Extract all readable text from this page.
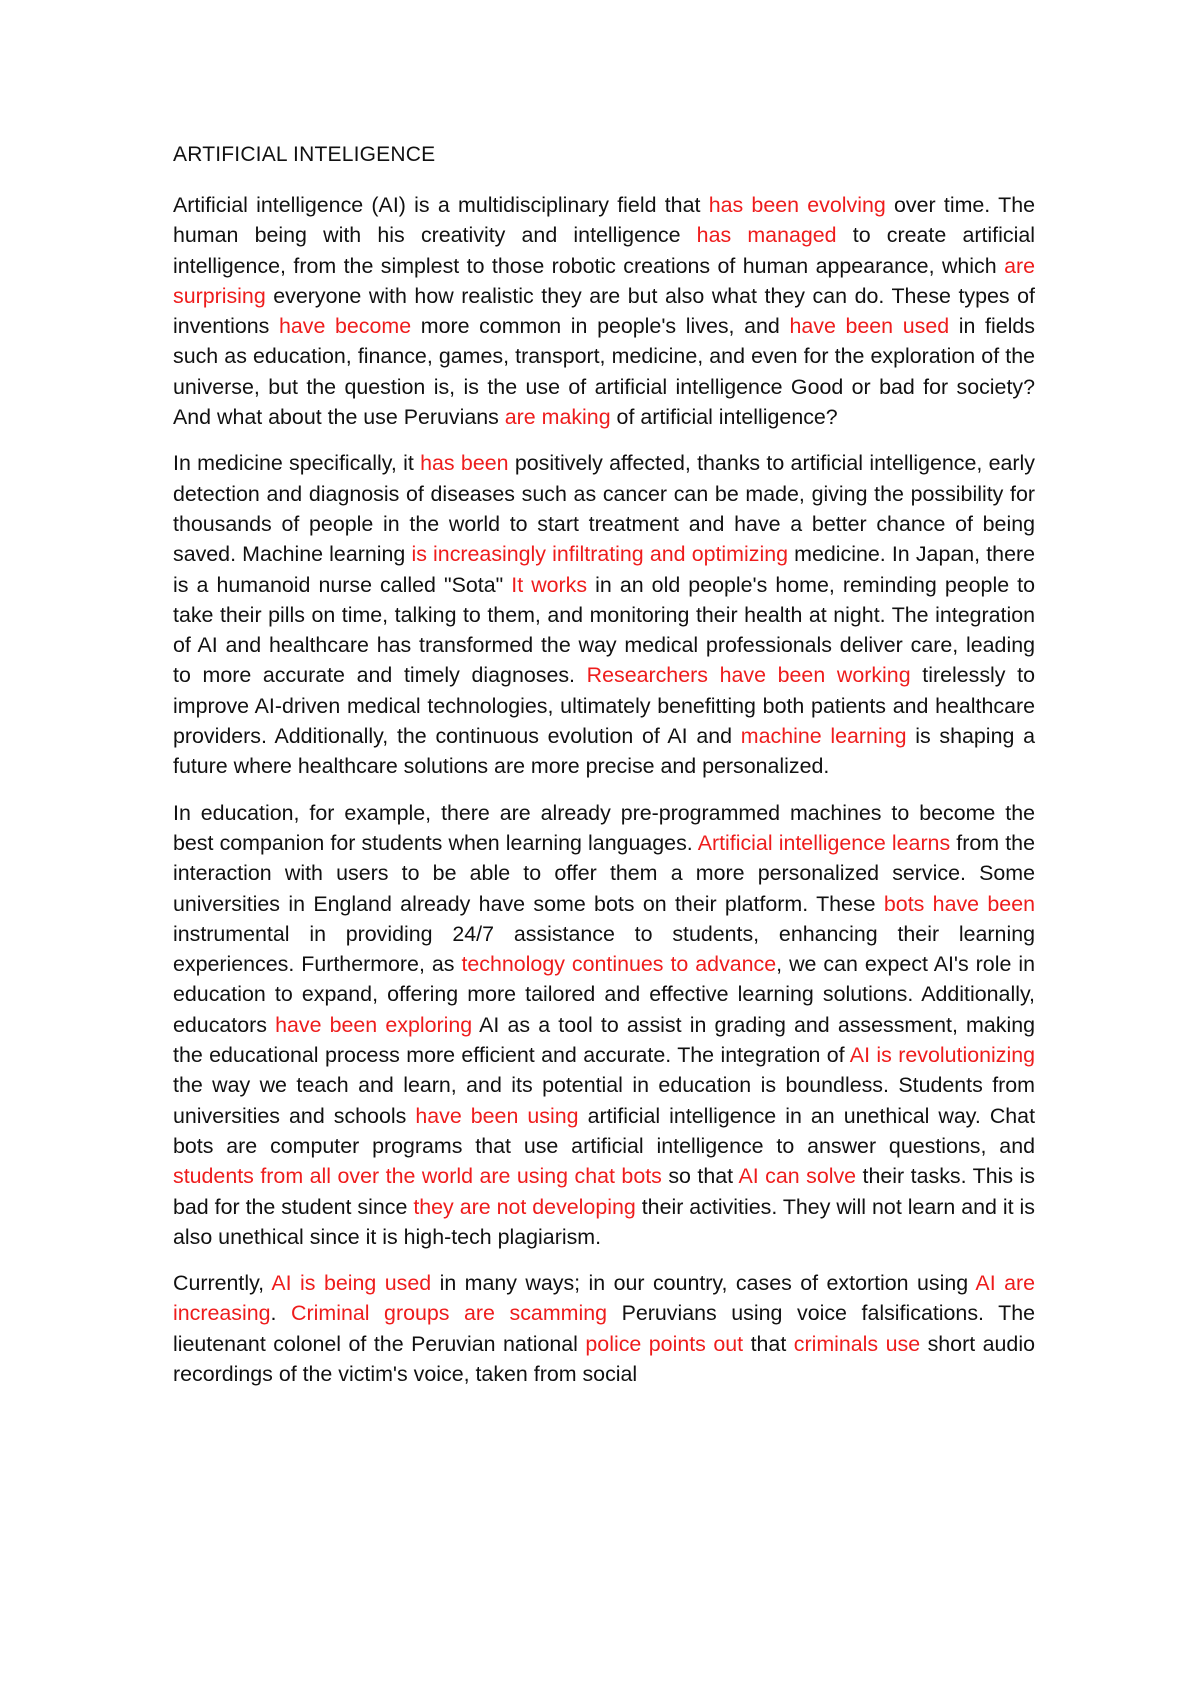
ARTIFICIAL INTELIGENCE

Artificial intelligence (AI) is a multidisciplinary field that has been evolving over time. The human being with his creativity and intelligence has managed to create artificial intelligence, from the simplest to those robotic creations of human appearance, which are surprising everyone with how realistic they are but also what they can do. These types of inventions have become more common in people's lives, and have been used in fields such as education, finance, games, transport, medicine, and even for the exploration of the universe, but the question is, is the use of artificial intelligence Good or bad for society? And what about the use Peruvians are making of artificial intelligence?

In medicine specifically, it has been positively affected, thanks to artificial intelligence, early detection and diagnosis of diseases such as cancer can be made, giving the possibility for thousands of people in the world to start treatment and have a better chance of being saved. Machine learning is increasingly infiltrating and optimizing medicine. In Japan, there is a humanoid nurse called "Sota" It works in an old people's home, reminding people to take their pills on time, talking to them, and monitoring their health at night. The integration of AI and healthcare has transformed the way medical professionals deliver care, leading to more accurate and timely diagnoses. Researchers have been working tirelessly to improve AI-driven medical technologies, ultimately benefitting both patients and healthcare providers. Additionally, the continuous evolution of AI and machine learning is shaping a future where healthcare solutions are more precise and personalized.

In education, for example, there are already pre-programmed machines to become the best companion for students when learning languages. Artificial intelligence learns from the interaction with users to be able to offer them a more personalized service. Some universities in England already have some bots on their platform. These bots have been instrumental in providing 24/7 assistance to students, enhancing their learning experiences. Furthermore, as technology continues to advance, we can expect AI's role in education to expand, offering more tailored and effective learning solutions. Additionally, educators have been exploring AI as a tool to assist in grading and assessment, making the educational process more efficient and accurate. The integration of AI is revolutionizing the way we teach and learn, and its potential in education is boundless. Students from universities and schools have been using artificial intelligence in an unethical way. Chat bots are computer programs that use artificial intelligence to answer questions, and students from all over the world are using chat bots so that AI can solve their tasks. This is bad for the student since they are not developing their activities. They will not learn and it is also unethical since it is high-tech plagiarism.

Currently, AI is being used in many ways; in our country, cases of extortion using AI are increasing. Criminal groups are scamming Peruvians using voice falsifications. The lieutenant colonel of the Peruvian national police points out that criminals use short audio recordings of the victim's voice, taken from social
